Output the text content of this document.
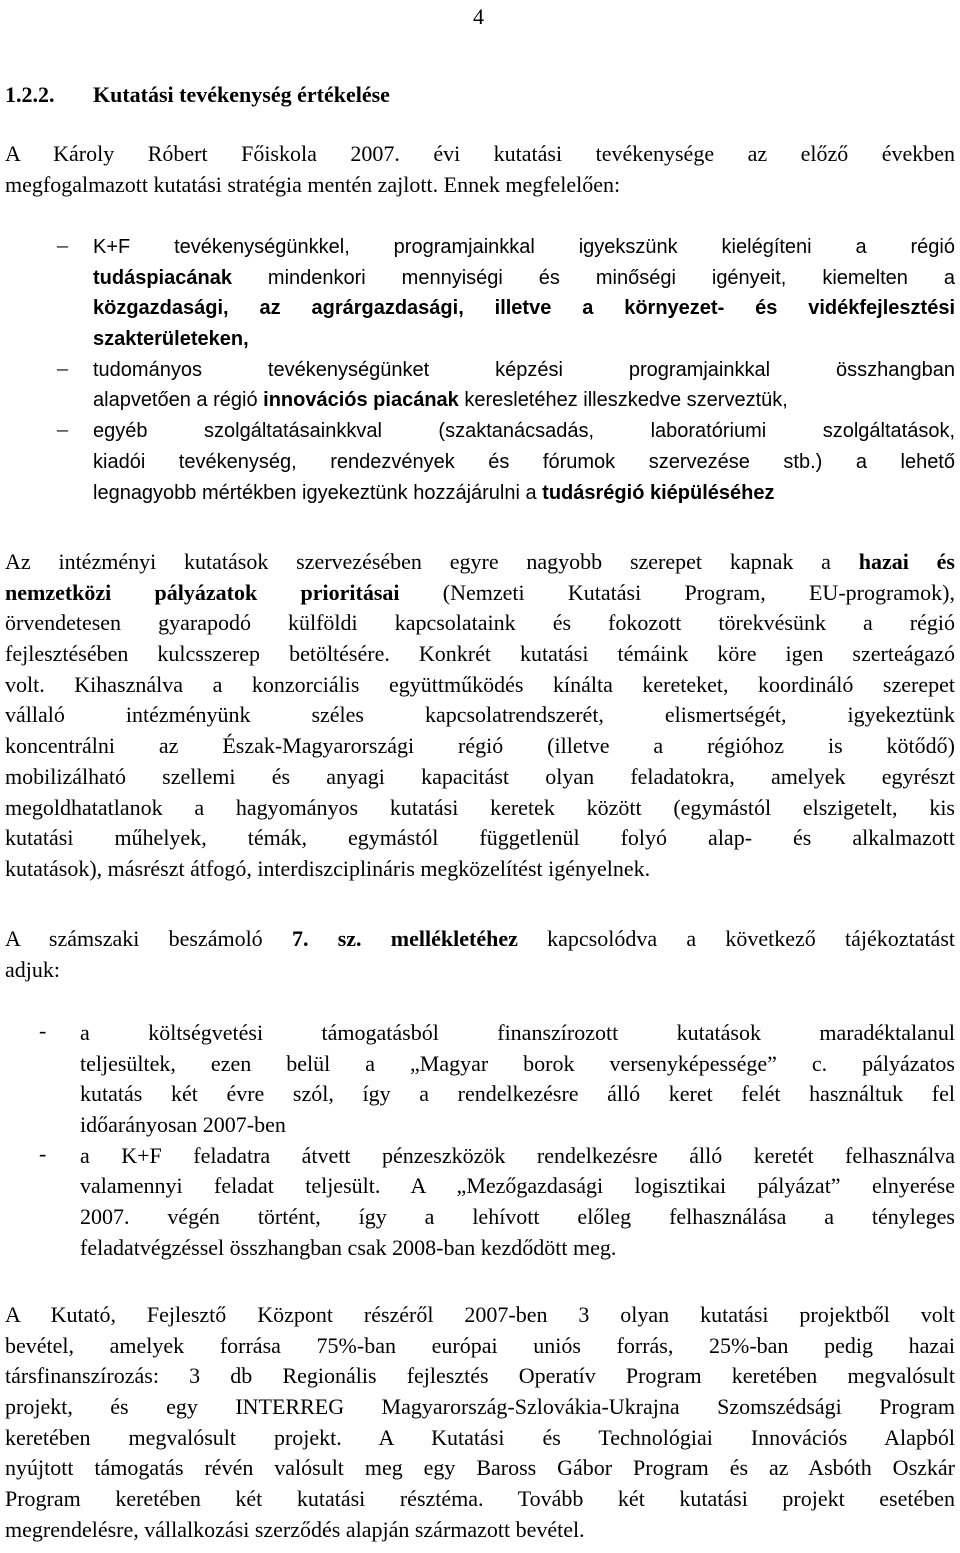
4
1.2.2. Kutatási tevékenység értékelése
A Károly Róbert Főiskola 2007. évi kutatási tevékenysége az előző években
megfogalmazott kutatási stratégia mentén zajlott. Ennek megfelelően:
– K+F tevékenységünkkel, programjainkkal igyekszünk kielégíteni a régió
tudáspiacának mindenkori mennyiségi és minőségi igényeit, kiemelten a
közgazdasági, az agrárgazdasági, illetve a környezet- és vidékfejlesztési
szakterületeken,
– tudományos tevékenységünket képzési programjainkkal összhangban
alapvetően a régió innovációs piacának keresletéhez illeszkedve szerveztük,
– egyéb szolgáltatásainkkval (szaktanácsadás, laboratóriumi szolgáltatások,
kiadói tevékenység, rendezvények és fórumok szervezése stb.) a lehető
legnagyobb mértékben igyekeztünk hozzájárulni a tudásrégió kiépüléséhez
Az intézményi kutatások szervezésében egyre nagyobb szerepet kapnak a hazai és
nemzetközi pályázatok prioritásai (Nemzeti Kutatási Program, EU-programok),
örvendetesen gyarapodó külföldi kapcsolataink és fokozott törekvésünk a régió
fejlesztésében kulcsszerep betöltésére. Konkrét kutatási témáink köre igen szerteágazó
volt. Kihasználva a konzorciális együttműködés kínálta kereteket, koordináló szerepet
vállaló intézményünk széles kapcsolatrendszerét, elismertségét, igyekeztünk
koncentrálni az Észak-Magyarországi régió (illetve a régióhoz is kötődő)
mobilizálható szellemi és anyagi kapacitást olyan feladatokra, amelyek egyrészt
megoldhatatlanok a hagyományos kutatási keretek között (egymástól elszigetelt, kis
kutatási műhelyek, témák, egymástól függetlenül folyó alap- és alkalmazott
kutatások), másrészt átfogó, interdiszciplináris megközelítést igényelnek.
A számszaki beszámoló 7. sz. mellékletéhez kapcsolódva a következő tájékoztatást
adjuk:
- a költségvetési támogatásból finanszírozott kutatások maradéktalanul
teljesültek, ezen belül a „Magyar borok versenyképessége” c. pályázatos
kutatás két évre szól, így a rendelkezésre álló keret felét használtuk fel
időarányosan 2007-ben
- a K+F feladatra átvett pénzeszközök rendelkezésre álló keretét felhasználva
valamennyi feladat teljesült. A „Mezőgazdasági logisztikai pályázat” elnyerése
2007. végén történt, így a lehívott előleg felhasználása a tényleges
feladatvégzéssel összhangban csak 2008-ban kezdődött meg.
A Kutató, Fejlesztő Központ részéről 2007-ben 3 olyan kutatási projektből volt
bevétel, amelyek forrása 75%-ban európai uniós forrás, 25%-ban pedig hazai
társfinanszírozás: 3 db Regionális fejlesztés Operatív Program keretében megvalósult
projekt, és egy INTERREG Magyarország-Szlovákia-Ukrajna Szomszédsági Program
keretében megvalósult projekt. A Kutatási és Technológiai Innovációs Alapból
nyújtott támogatás révén valósult meg egy Baross Gábor Program és az Asbóth Oszkár
Program keretében két kutatási résztéma. Tovább két kutatási projekt esetében
megrendelésre, vállalkozási szerződés alapján származott bevétel.
